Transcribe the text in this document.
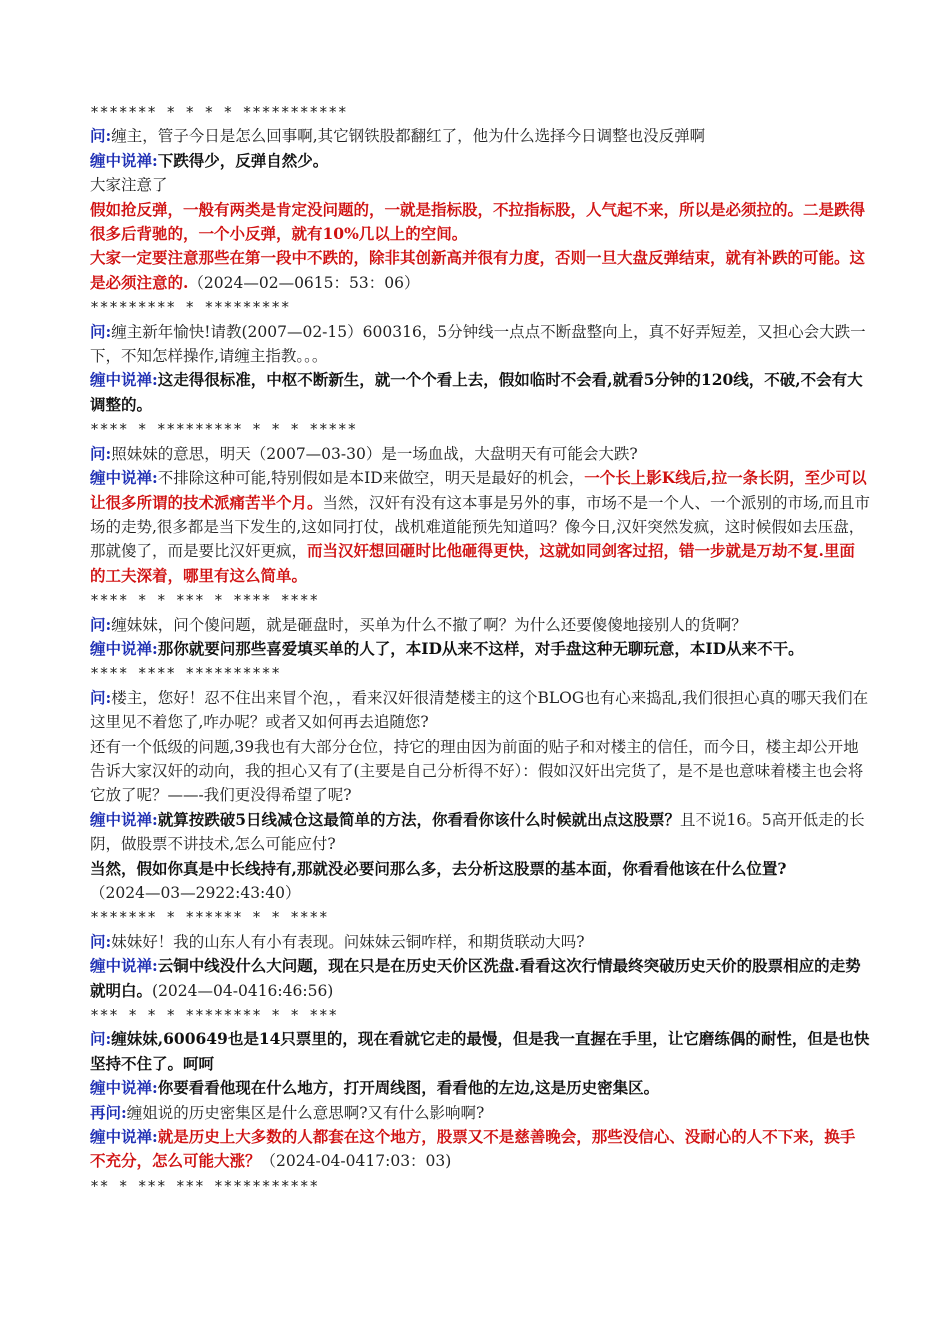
******* * * * * ***********

问:缠主，管子今日是怎么回事啊,其它钢铁股都翻红了，他为什么选择今日调整也没反弹啊

缠中说禅:下跌得少，反弹自然少。

大家注意了

假如抢反弹，一般有两类是肯定没问题的，一就是指标股，不拉指标股，人气起不来，所以是必须拉的。二是跌得很多后背驰的，一个小反弹，就有10%几以上的空间。

大家一定要注意那些在第一段中不跌的，除非其创新高并很有力度，否则一旦大盘反弹结束，就有补跌的可能。这是必须注意的.（2024—02—0615：53：06）

********* * *********

问:缠主新年愉快!请教(2007—02-15）600316，5分钟线一点点不断盘整向上，真不好弄短差，又担心会大跌一下，不知怎样操作,请缠主指教。。。

缠中说禅:这走得很标准，中枢不断新生，就一个个看上去，假如临时不会看,就看5分钟的120线，不破,不会有大调整的。

**** * ********* * * * *****

问:照妹妹的意思，明天（2007—03-30）是一场血战，大盘明天有可能会大跌?

缠中说禅:不排除这种可能,特别假如是本ID来做空，明天是最好的机会，一个长上影K线后,拉一条长阴，至少可以让很多所谓的技术派痛苦半个月。当然，汉奸有没有这本事是另外的事，市场不是一个人、一个派别的市场,而且市场的走势,很多都是当下发生的,这如同打仗，战机难道能预先知道吗？像今日,汉奸突然发疯，这时候假如去压盘，那就傻了，而是要比汉奸更疯，而当汉奸想回砸时比他砸得更快，这就如同剑客过招，错一步就是万劫不复.里面的工夫深着，哪里有这么简单。

**** * * *** * **** ****

问:缠妹妹，问个傻问题，就是砸盘时，买单为什么不撤了啊？为什么还要傻傻地接别人的货啊？

缠中说禅:那你就要问那些喜爱填买单的人了，本ID从来不这样，对手盘这种无聊玩意，本ID从来不干。

**** **** **********

问:楼主，您好！忍不住出来冒个泡，，看来汉奸很清楚楼主的这个BLOG也有心来捣乱,我们很担心真的哪天我们在这里见不着您了,咋办呢？或者又如何再去追随您?

还有一个低级的问题,39我也有大部分仓位，持它的理由因为前面的贴子和对楼主的信任，而今日，楼主却公开地告诉大家汉奸的动向，我的担心又有了(主要是自己分析得不好）：假如汉奸出完货了，是不是也意味着楼主也会将它放了呢？——-我们更没得希望了呢?

缠中说禅:就算按跌破5日线减仓这最简单的方法，你看看你该什么时候就出点这股票？且不说16。5高开低走的长阴，做股票不讲技术,怎么可能应付?

当然，假如你真是中长线持有,那就没必要问那么多，去分析这股票的基本面，你看看他该在什么位置?

（2024—03—2922:43:40）

******* * ****** * * ****

问:妹妹好！我的山东人有小有表现。问妹妹云铜咋样，和期货联动大吗?

缠中说禅:云铜中线没什么大问题，现在只是在历史天价区洗盘.看看这次行情最终突破历史天价的股票相应的走势就明白。(2024—04-0416:46:56)

*** * * * ******** * * ***

问:缠妹妹,600649也是14只票里的，现在看就它走的最慢，但是我一直握在手里，让它磨练偶的耐性，但是也快坚持不住了。呵呵

缠中说禅:你要看看他现在什么地方，打开周线图，看看他的左边,这是历史密集区。

再问:缠姐说的历史密集区是什么意思啊?又有什么影响啊?

缠中说禅:就是历史上大多数的人都套在这个地方，股票又不是慈善晚会，那些没信心、没耐心的人不下来，换手不充分，怎么可能大涨？（2024-04-0417:03：03)

** * *** *** ***********
